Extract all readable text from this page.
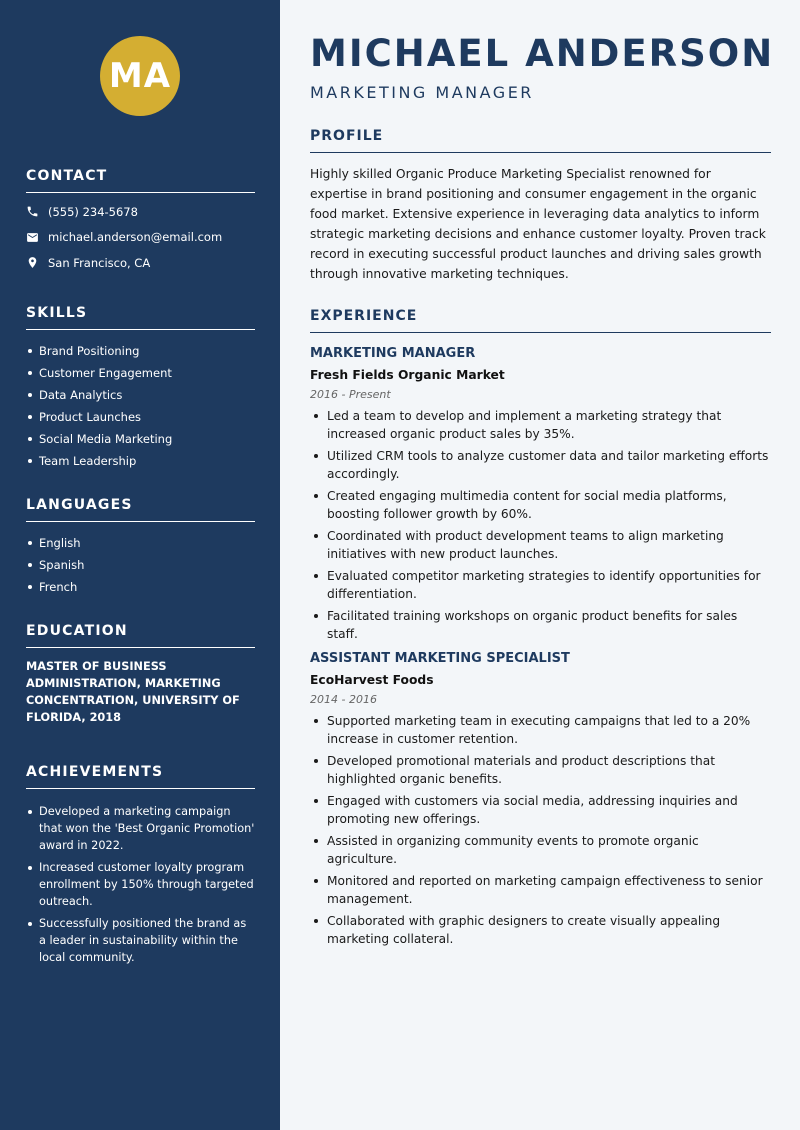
MA
CONTACT
(555) 234-5678
michael.anderson@email.com
San Francisco, CA
SKILLS
Brand Positioning
Customer Engagement
Data Analytics
Product Launches
Social Media Marketing
Team Leadership
LANGUAGES
English
Spanish
French
EDUCATION
MASTER OF BUSINESS ADMINISTRATION, MARKETING CONCENTRATION, UNIVERSITY OF FLORIDA, 2018
ACHIEVEMENTS
Developed a marketing campaign that won the 'Best Organic Promotion' award in 2022.
Increased customer loyalty program enrollment by 150% through targeted outreach.
Successfully positioned the brand as a leader in sustainability within the local community.
MICHAEL ANDERSON
MARKETING MANAGER
PROFILE
Highly skilled Organic Produce Marketing Specialist renowned for expertise in brand positioning and consumer engagement in the organic food market. Extensive experience in leveraging data analytics to inform strategic marketing decisions and enhance customer loyalty. Proven track record in executing successful product launches and driving sales growth through innovative marketing techniques.
EXPERIENCE
MARKETING MANAGER
Fresh Fields Organic Market
2016 - Present
Led a team to develop and implement a marketing strategy that increased organic product sales by 35%.
Utilized CRM tools to analyze customer data and tailor marketing efforts accordingly.
Created engaging multimedia content for social media platforms, boosting follower growth by 60%.
Coordinated with product development teams to align marketing initiatives with new product launches.
Evaluated competitor marketing strategies to identify opportunities for differentiation.
Facilitated training workshops on organic product benefits for sales staff.
ASSISTANT MARKETING SPECIALIST
EcoHarvest Foods
2014 - 2016
Supported marketing team in executing campaigns that led to a 20% increase in customer retention.
Developed promotional materials and product descriptions that highlighted organic benefits.
Engaged with customers via social media, addressing inquiries and promoting new offerings.
Assisted in organizing community events to promote organic agriculture.
Monitored and reported on marketing campaign effectiveness to senior management.
Collaborated with graphic designers to create visually appealing marketing collateral.
